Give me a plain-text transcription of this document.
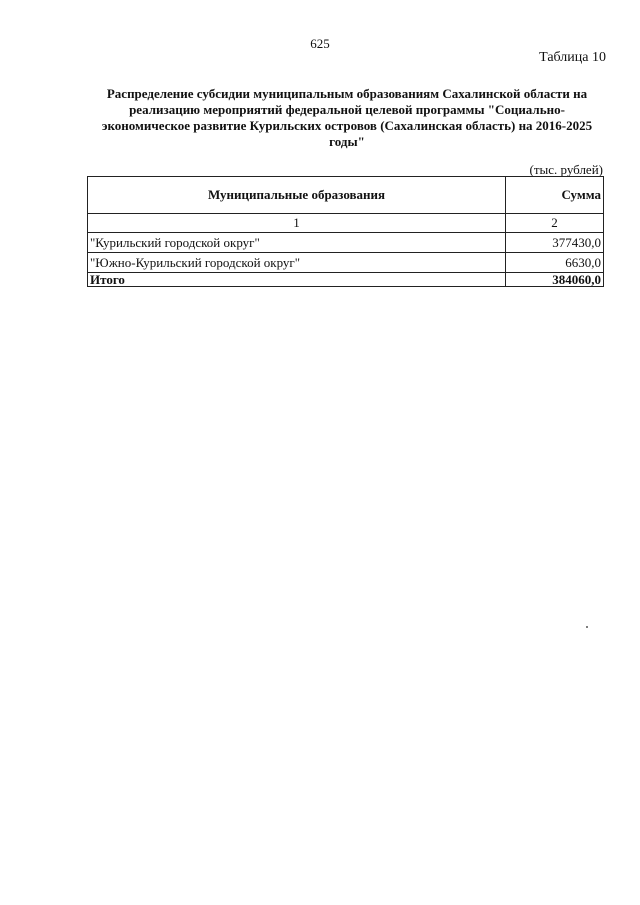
625
Таблица 10
Распределение субсидии муниципальным образованиям Сахалинской области на реализацию мероприятий федеральной целевой программы "Социально-экономическое развитие Курильских островов (Сахалинская область) на 2016-2025 годы"
(тыс. рублей)
Муниципальные образования	Сумма
1	2
"Курильский городской округ"	377430,0
"Южно-Курильский городской округ"	6630,0
Итого	384060,0
